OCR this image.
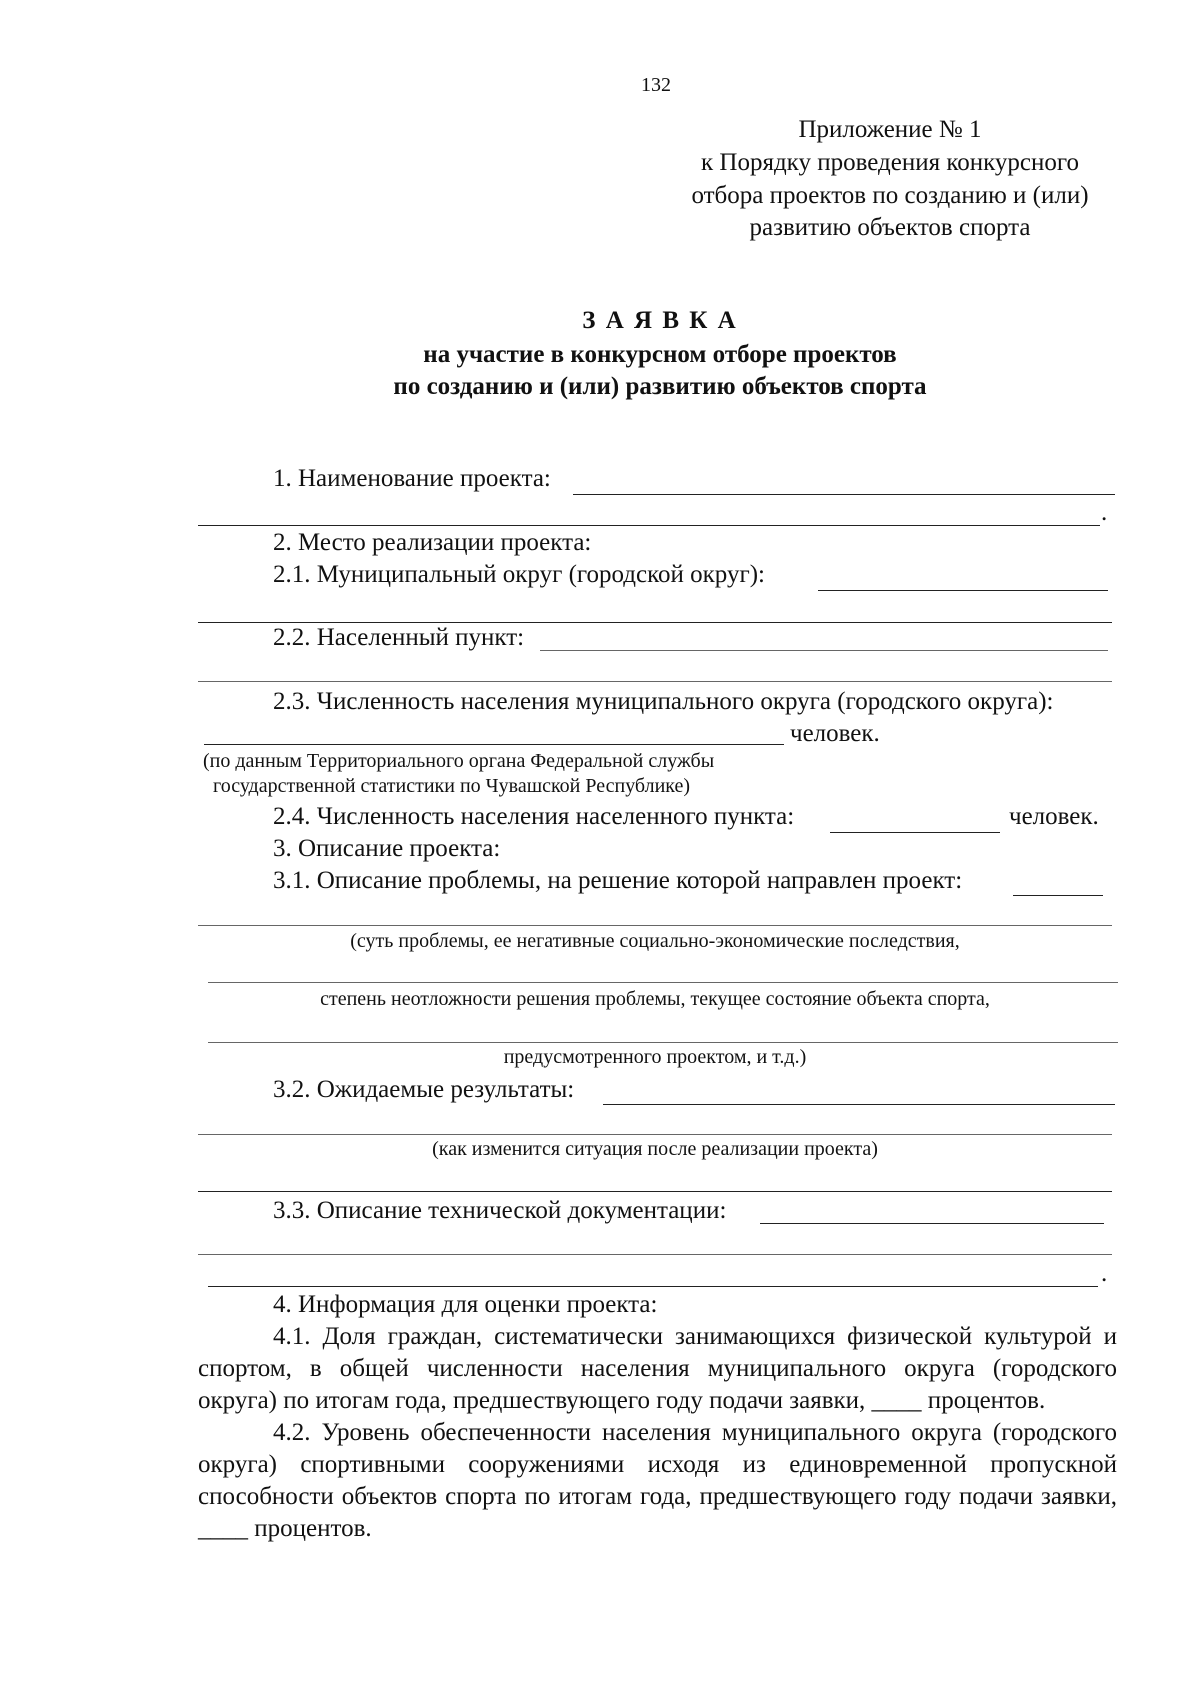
132
Приложение № 1
к Порядку проведения конкурсного
отбора проектов по созданию и (или)
развитию объектов спорта
З А Я В К А
на участие в конкурсном отборе проектов
по созданию и (или) развитию объектов спорта
1. Наименование проекта:
.
2. Место реализации проекта:
2.1. Муниципальный округ (городской округ):
2.2. Населенный пункт:
2.3. Численность населения муниципального округа (городского округа):
человек.
(по данным Территориального органа Федеральной службы
государственной статистики по Чувашской Республике)
2.4. Численность населения населенного пункта:	человек.
3. Описание проекта:
3.1. Описание проблемы, на решение которой направлен проект:
(суть проблемы, ее негативные социально-экономические последствия,
степень неотложности решения проблемы, текущее состояние объекта спорта,
предусмотренного проектом, и т.д.)
3.2. Ожидаемые результаты:
(как изменится ситуация после реализации проекта)
3.3. Описание технической документации:
.
4. Информация для оценки проекта:

4.1. Доля граждан, систематически занимающихся физической культурой и спортом, в общей численности населения муниципального округа (городского округа) по итогам года, предшествующего году подачи заявки, ____ процентов.

4.2. Уровень обеспеченности населения муниципального округа (городского округа) спортивными сооружениями исходя из единовременной пропускной способности объектов спорта по итогам года, предшествующего году подачи заявки, ____ процентов.
